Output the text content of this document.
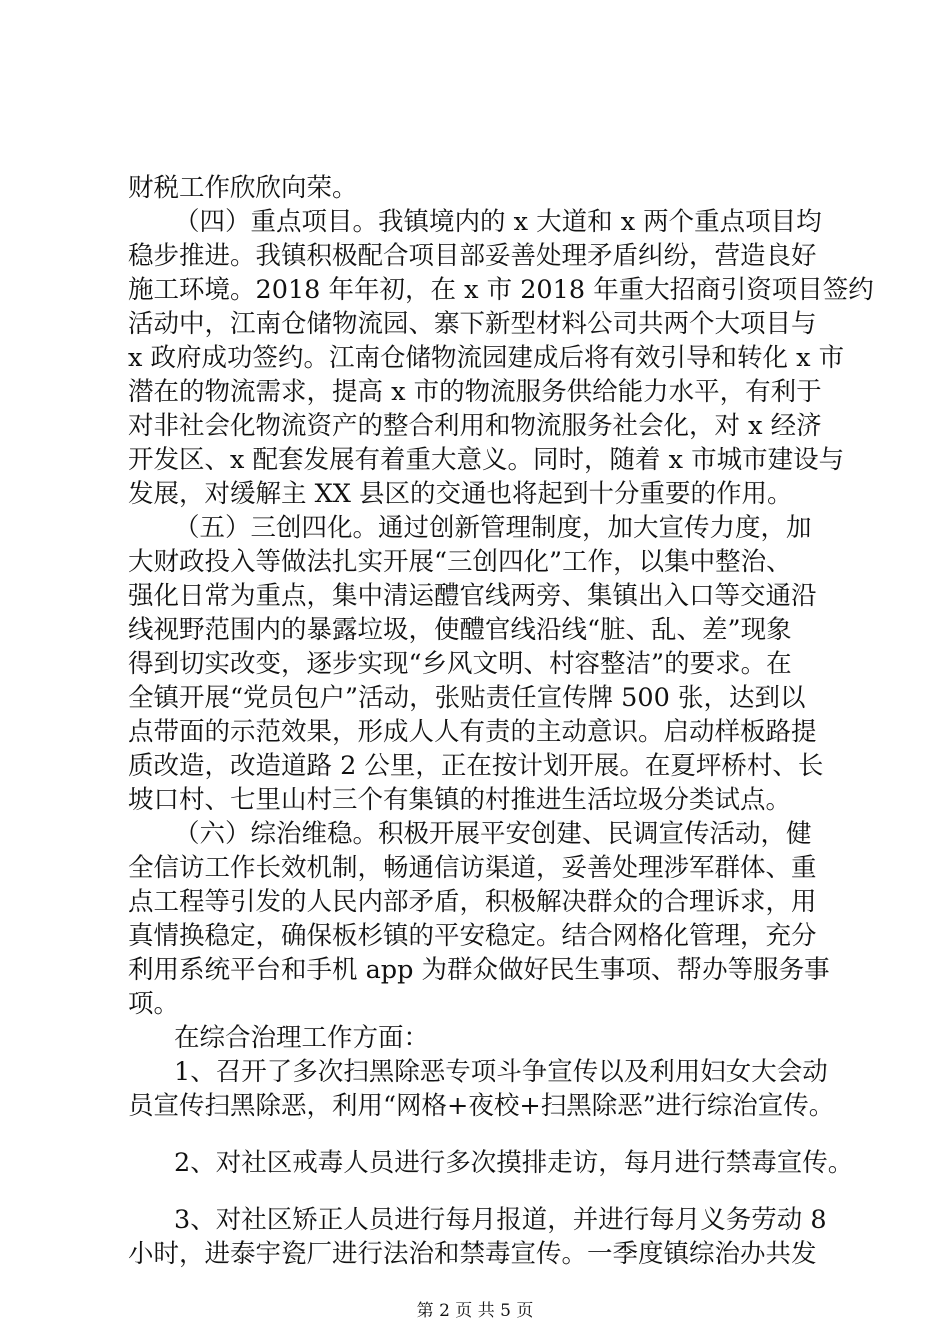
财税工作欣欣向荣。
（四）重点项目。我镇境内的 x 大道和 x 两个重点项目均
稳步推进。我镇积极配合项目部妥善处理矛盾纠纷，营造良好
施工环境。2018 年年初，在 x 市 2018 年重大招商引资项目签约
活动中，江南仓储物流园、寨下新型材料公司共两个大项目与
x 政府成功签约。江南仓储物流园建成后将有效引导和转化 x 市
潜在的物流需求，提高 x 市的物流服务供给能力水平，有利于
对非社会化物流资产的整合利用和物流服务社会化，对 x 经济
开发区、x 配套发展有着重大意义。同时，随着 x 市城市建设与
发展，对缓解主 XX 县区的交通也将起到十分重要的作用。
（五）三创四化。通过创新管理制度，加大宣传力度，加
大财政投入等做法扎实开展“三创四化”工作，以集中整治、
强化日常为重点，集中清运醴官线两旁、集镇出入口等交通沿
线视野范围内的暴露垃圾，使醴官线沿线“脏、乱、差”现象
得到切实改变，逐步实现“乡风文明、村容整洁”的要求。在
全镇开展“党员包户”活动，张贴责任宣传牌 500 张，达到以
点带面的示范效果，形成人人有责的主动意识。启动样板路提
质改造，改造道路 2 公里，正在按计划开展。在夏坪桥村、长
坡口村、七里山村三个有集镇的村推进生活垃圾分类试点。
（六）综治维稳。积极开展平安创建、民调宣传活动，健
全信访工作长效机制，畅通信访渠道，妥善处理涉军群体、重
点工程等引发的人民内部矛盾，积极解决群众的合理诉求，用
真情换稳定，确保板杉镇的平安稳定。结合网格化管理，充分
利用系统平台和手机 app 为群众做好民生事项、帮办等服务事
项。
在综合治理工作方面：
1、召开了多次扫黑除恶专项斗争宣传以及利用妇女大会动
员宣传扫黑除恶，利用“网格+夜校+扫黑除恶”进行综治宣传。
2、对社区戒毒人员进行多次摸排走访，每月进行禁毒宣传。
3、对社区矫正人员进行每月报道，并进行每月义务劳动 8
小时，进泰宇瓷厂进行法治和禁毒宣传。一季度镇综治办共发
第 2 页 共 5 页
